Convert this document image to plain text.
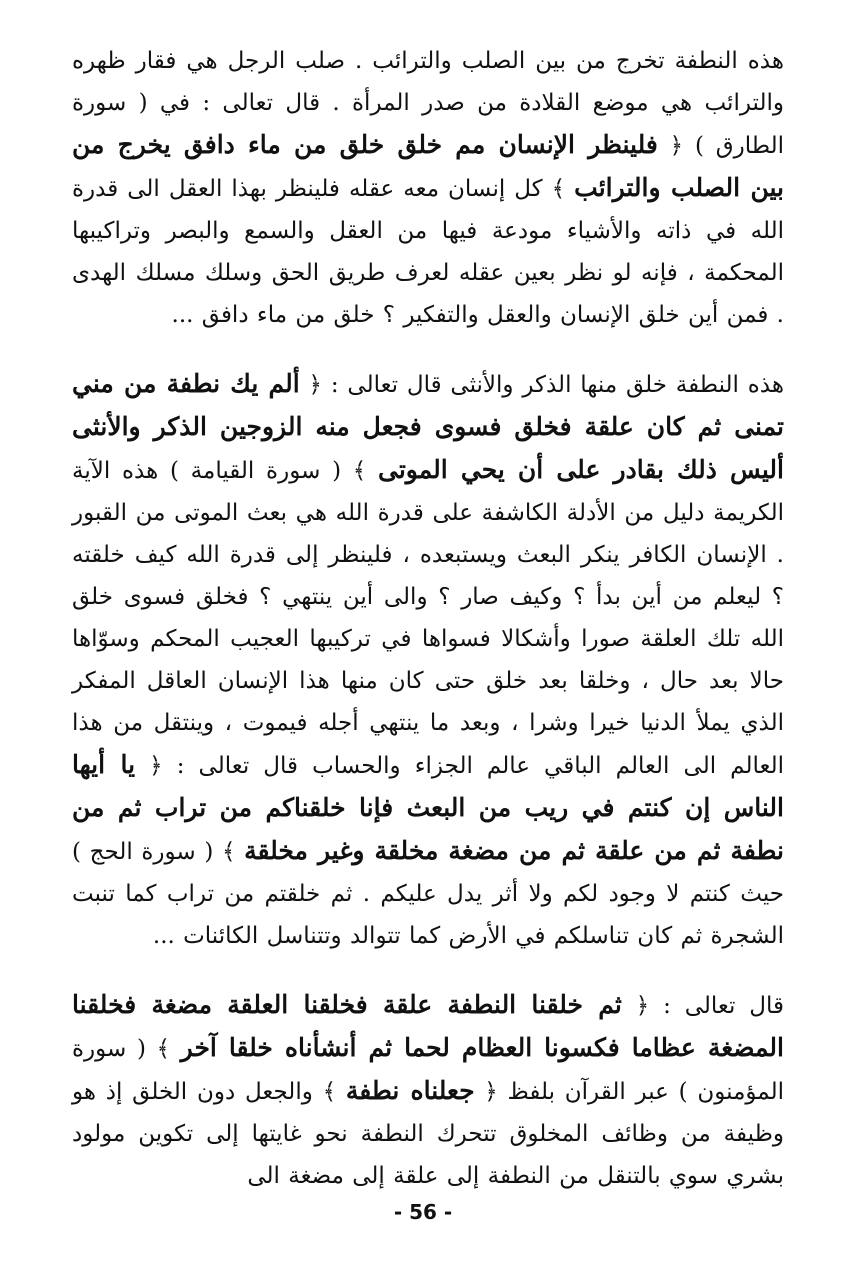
هذه النطفة تخرج من بين الصلب والترائب . صلب الرجل هي فقار ظهره والترائب هي موضع القلادة من صدر المرأة . قال تعالى : في ( سورة الطارق ) ﴿ فلينظر الإنسان مم خلق خلق من ماء دافق يخرج من بين الصلب والترائب ﴾ كل إنسان معه عقله فلينظر بهذا العقل الى قدرة الله في ذاته والأشياء مودعة فيها من العقل والسمع والبصر وتراكيبها المحكمة ، فإنه لو نظر بعين عقله لعرف طريق الحق وسلك مسلك الهدى . فمن أين خلق الإنسان والعقل والتفكير ؟ خلق من ماء دافق ...

هذه النطفة خلق منها الذكر والأنثى قال تعالى : ﴿ ألم يك نطفة من مني تمنى ثم كان علقة فخلق فسوى فجعل منه الزوجين الذكر والأنثى أليس ذلك بقادر على أن يحي الموتى ﴾ ( سورة القيامة ) هذه الآية الكريمة دليل من الأدلة الكاشفة على قدرة الله هي بعث الموتى من القبور . الإنسان الكافر ينكر البعث ويستبعده ، فلينظر إلى قدرة الله كيف خلقته ؟ ليعلم من أين بدأ ؟ وكيف صار ؟ والى أين ينتهي ؟ فخلق فسوى خلق الله تلك العلقة صورا وأشكالا فسواها في تركيبها العجيب المحكم وسوّاها حالا بعد حال ، وخلقا بعد خلق حتى كان منها هذا الإنسان العاقل المفكر الذي يملأ الدنيا خيرا وشرا ، وبعد ما ينتهي أجله فيموت ، وينتقل من هذا العالم الى العالم الباقي عالم الجزاء والحساب قال تعالى : ﴿ يا أيها الناس إن كنتم في ريب من البعث فإنا خلقناكم من تراب ثم من نطفة ثم من علقة ثم من مضغة مخلقة وغير مخلقة ﴾ ( سورة الحج ) حيث كنتم لا وجود لكم ولا أثر يدل عليكم . ثم خلقتم من تراب كما تنبت الشجرة ثم كان تناسلكم في الأرض كما تتوالد وتتناسل الكائنات ...

قال تعالى : ﴿ ثم خلقنا النطفة علقة فخلقنا العلقة مضغة فخلقنا المضغة عظاما فكسونا العظام لحما ثم أنشأناه خلقا آخر ﴾ ( سورة المؤمنون ) عبر القرآن بلفظ ﴿ جعلناه نطفة ﴾ والجعل دون الخلق إذ هو وظيفة من وظائف المخلوق تتحرك النطفة نحو غايتها إلى تكوين مولود بشري سوي بالتنقل من النطفة إلى علقة إلى مضغة الى

- 56 -
